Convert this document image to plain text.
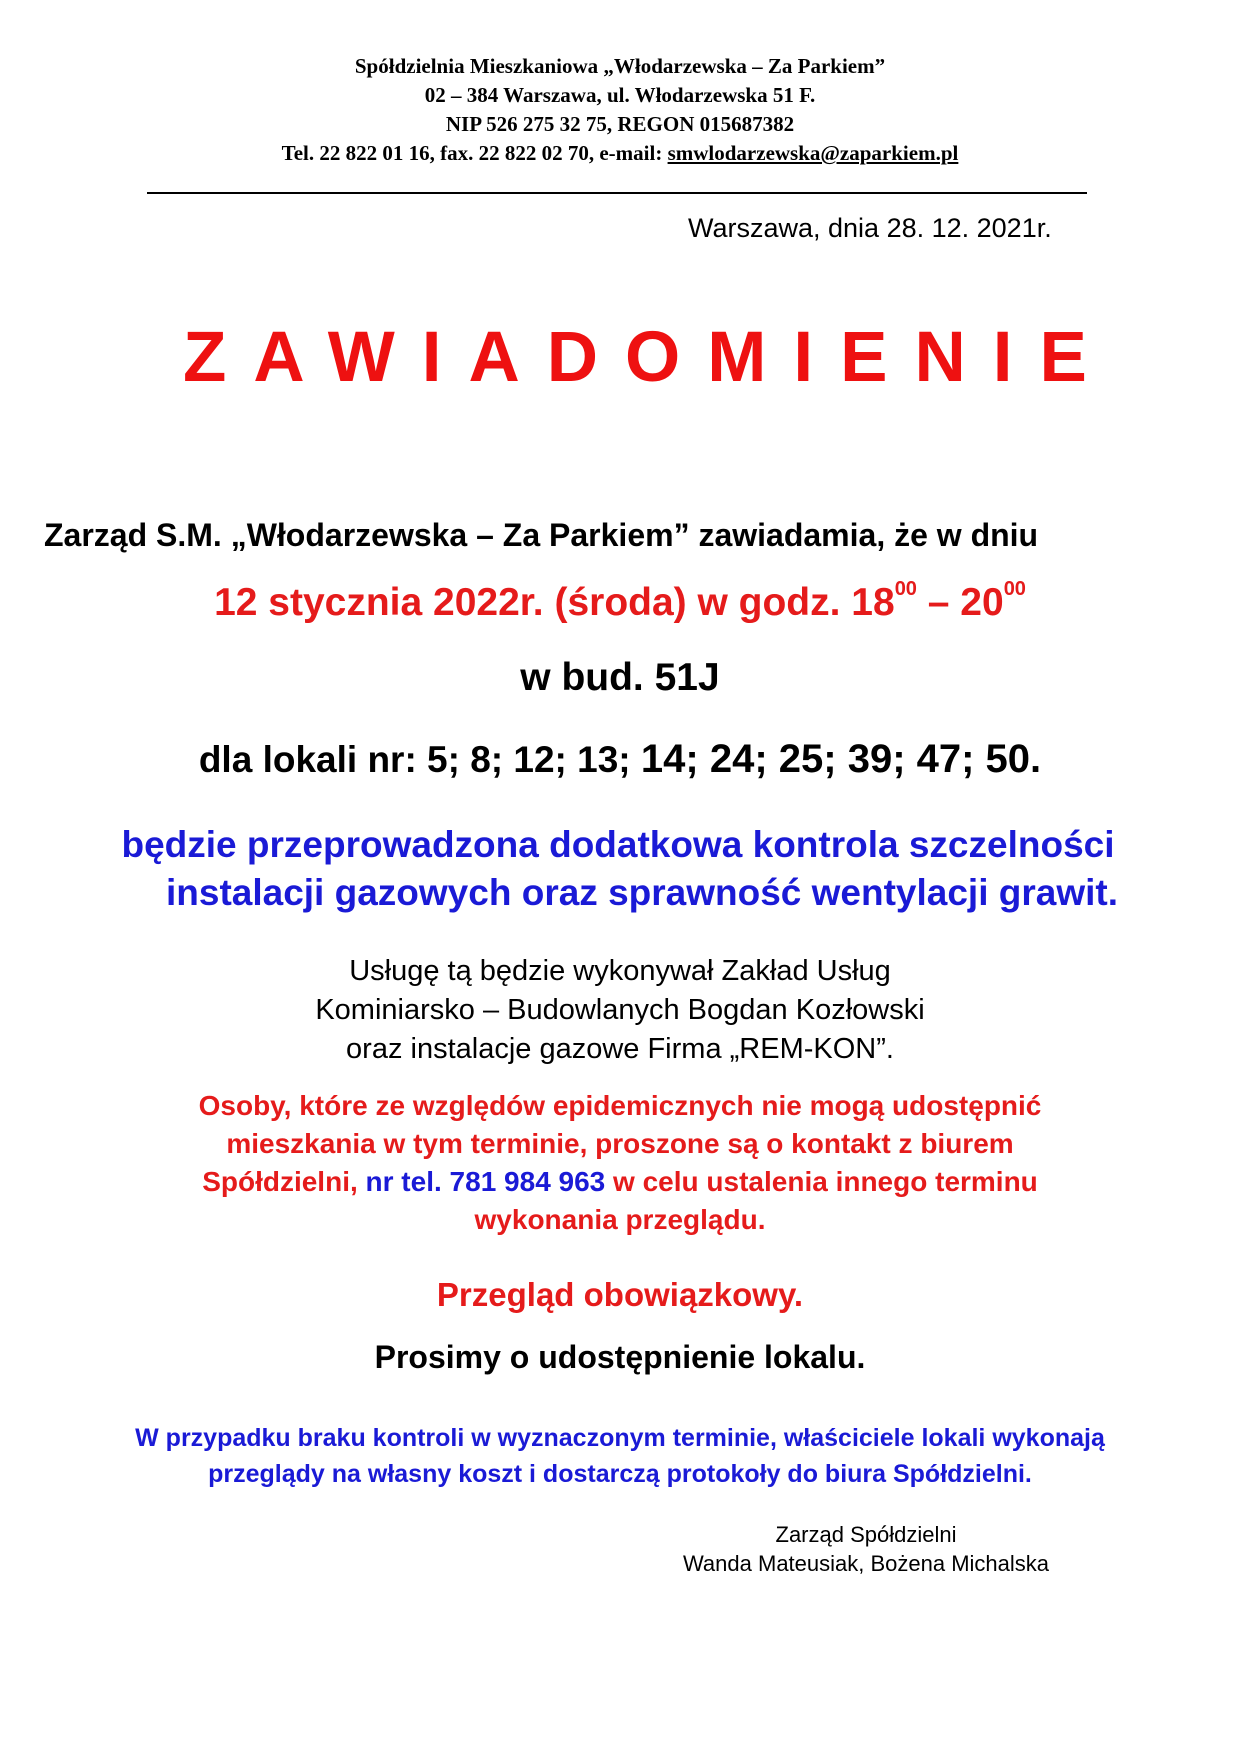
Spółdzielnia Mieszkaniowa „Włodarzewska – Za Parkiem”
02 – 384 Warszawa, ul. Włodarzewska 51 F.
NIP 526 275 32 75, REGON 015687382
Tel. 22 822 01 16, fax. 22 822 02 70, e-mail: smwlodarzewska@zaparkiem.pl
Warszawa, dnia 28. 12. 2021r.
ZAWIADOMIENIE
Zarząd S.M. „Włodarzewska – Za Parkiem” zawiadamia, że w dniu
12 stycznia 2022r. (środa) w godz. $18^{00} - 20^{00}$
w bud. 51J
dla lokali nr: 5; 8; 12; 13; 14; 24; 25; 39; 47; 50.
będzie przeprowadzona dodatkowa kontrola szczelności
instalacji gazowych oraz sprawność wentylacji grawit.
Usługę tą będzie wykonywał Zakład Usług
Kominiarsko – Budowlanych Bogdan Kozłowski
oraz instalacje gazowe Firma „REM-KON”.
Osoby, które ze względów epidemicznych nie mogą udostępnić
mieszkania w tym terminie, proszone są o kontakt z biurem
Spółdzielni, nr tel. 781 984 963 w celu ustalenia innego terminu
wykonania przeglądu.
Przegląd obowiązkowy.
Prosimy o udostępnienie lokalu.
W przypadku braku kontroli w wyznaczonym terminie, właściciele lokali wykonają
przeglądy na własny koszt i dostarczą protokoły do biura Spółdzielni.
Zarząd Spółdzielni
Wanda Mateusiak, Bożena Michalska
